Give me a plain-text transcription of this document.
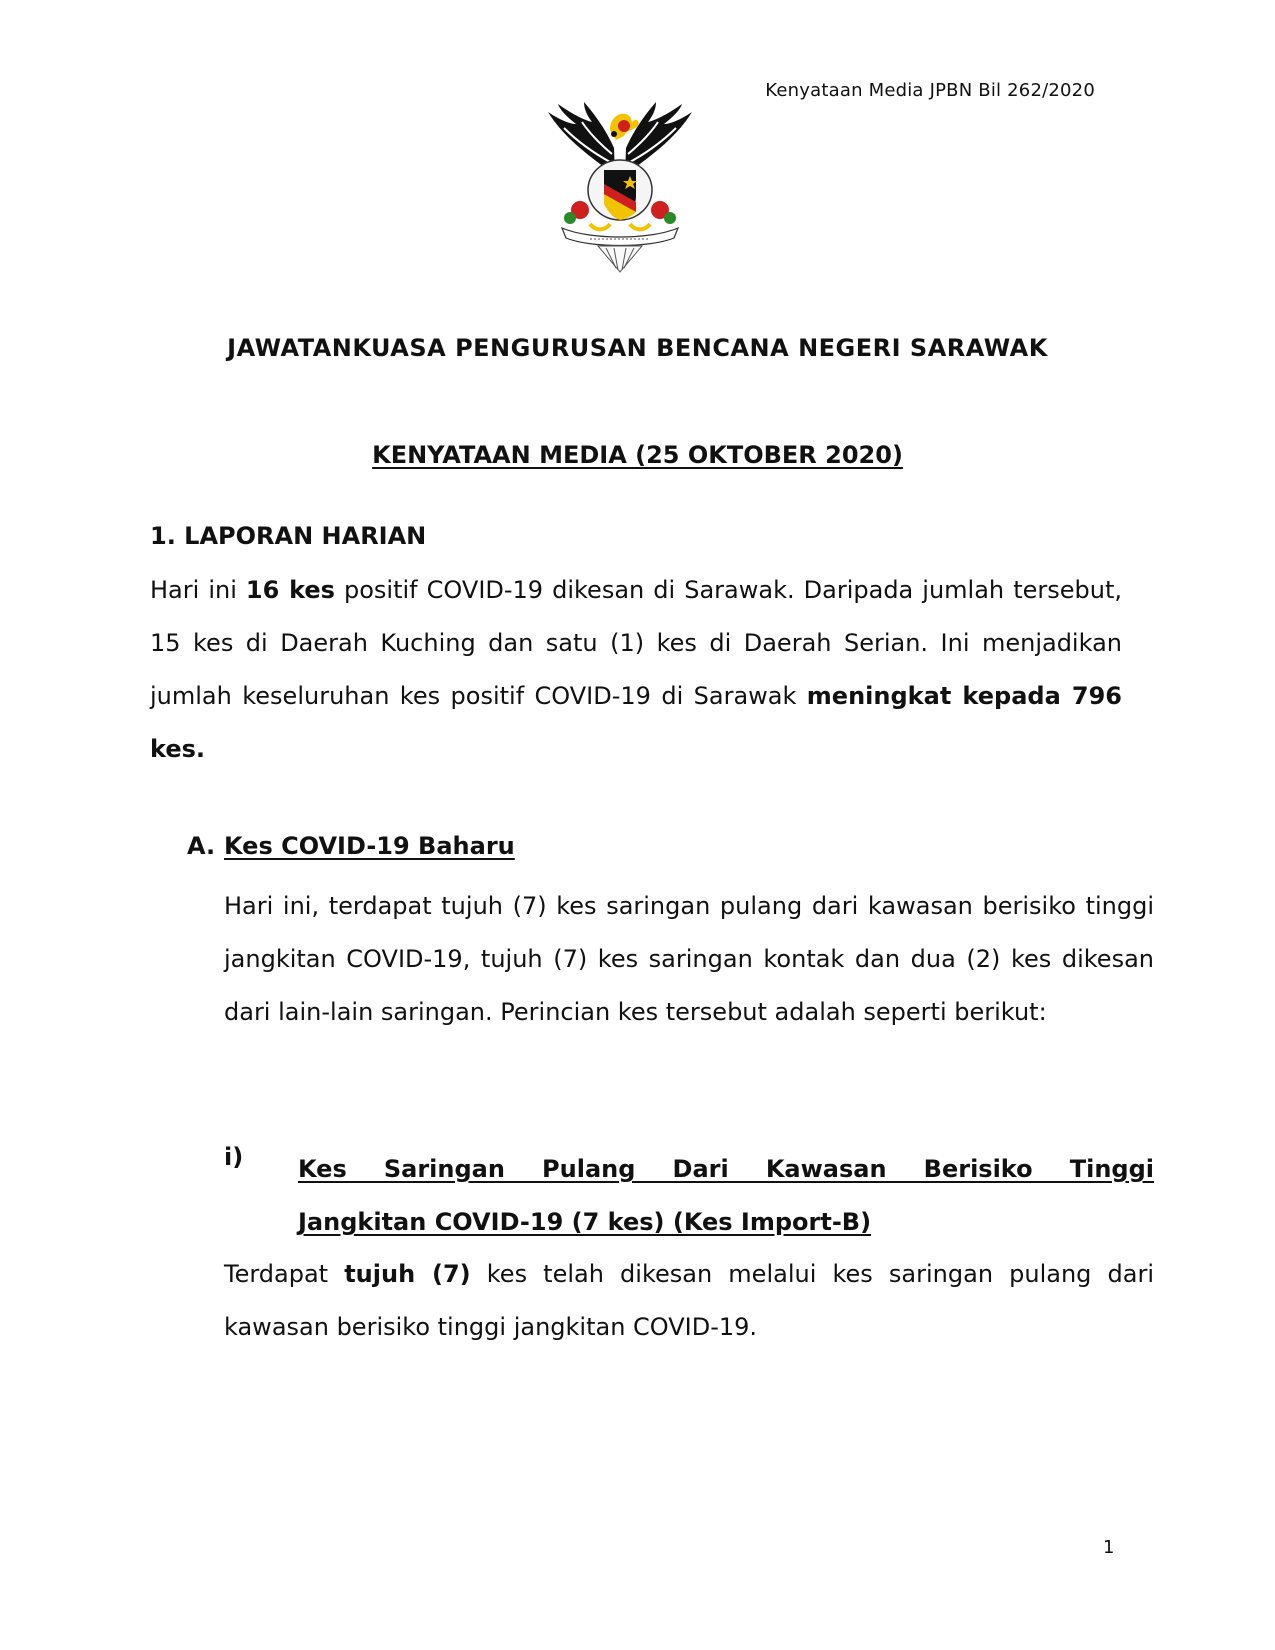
Kenyataan Media JPBN Bil 262/2020
JAWATANKUASA PENGURUSAN BENCANA NEGERI SARAWAK
KENYATAAN MEDIA (25 OKTOBER 2020)
1. LAPORAN HARIAN
Hari ini 16 kes positif COVID-19 dikesan di Sarawak. Daripada jumlah tersebut, 15 kes di Daerah Kuching dan satu (1) kes di Daerah Serian. Ini menjadikan jumlah keseluruhan kes positif COVID-19 di Sarawak meningkat kepada 796 kes.
A. Kes COVID-19 Baharu
Hari ini, terdapat tujuh (7) kes saringan pulang dari kawasan berisiko tinggi jangkitan COVID-19, tujuh (7) kes saringan kontak dan dua (2) kes dikesan dari lain-lain saringan. Perincian kes tersebut adalah seperti berikut:
i) Kes Saringan Pulang Dari Kawasan Berisiko Tinggi
Jangkitan COVID-19 (7 kes) (Kes Import-B)
Terdapat tujuh (7) kes telah dikesan melalui kes saringan pulang dari kawasan berisiko tinggi jangkitan COVID-19.
1
